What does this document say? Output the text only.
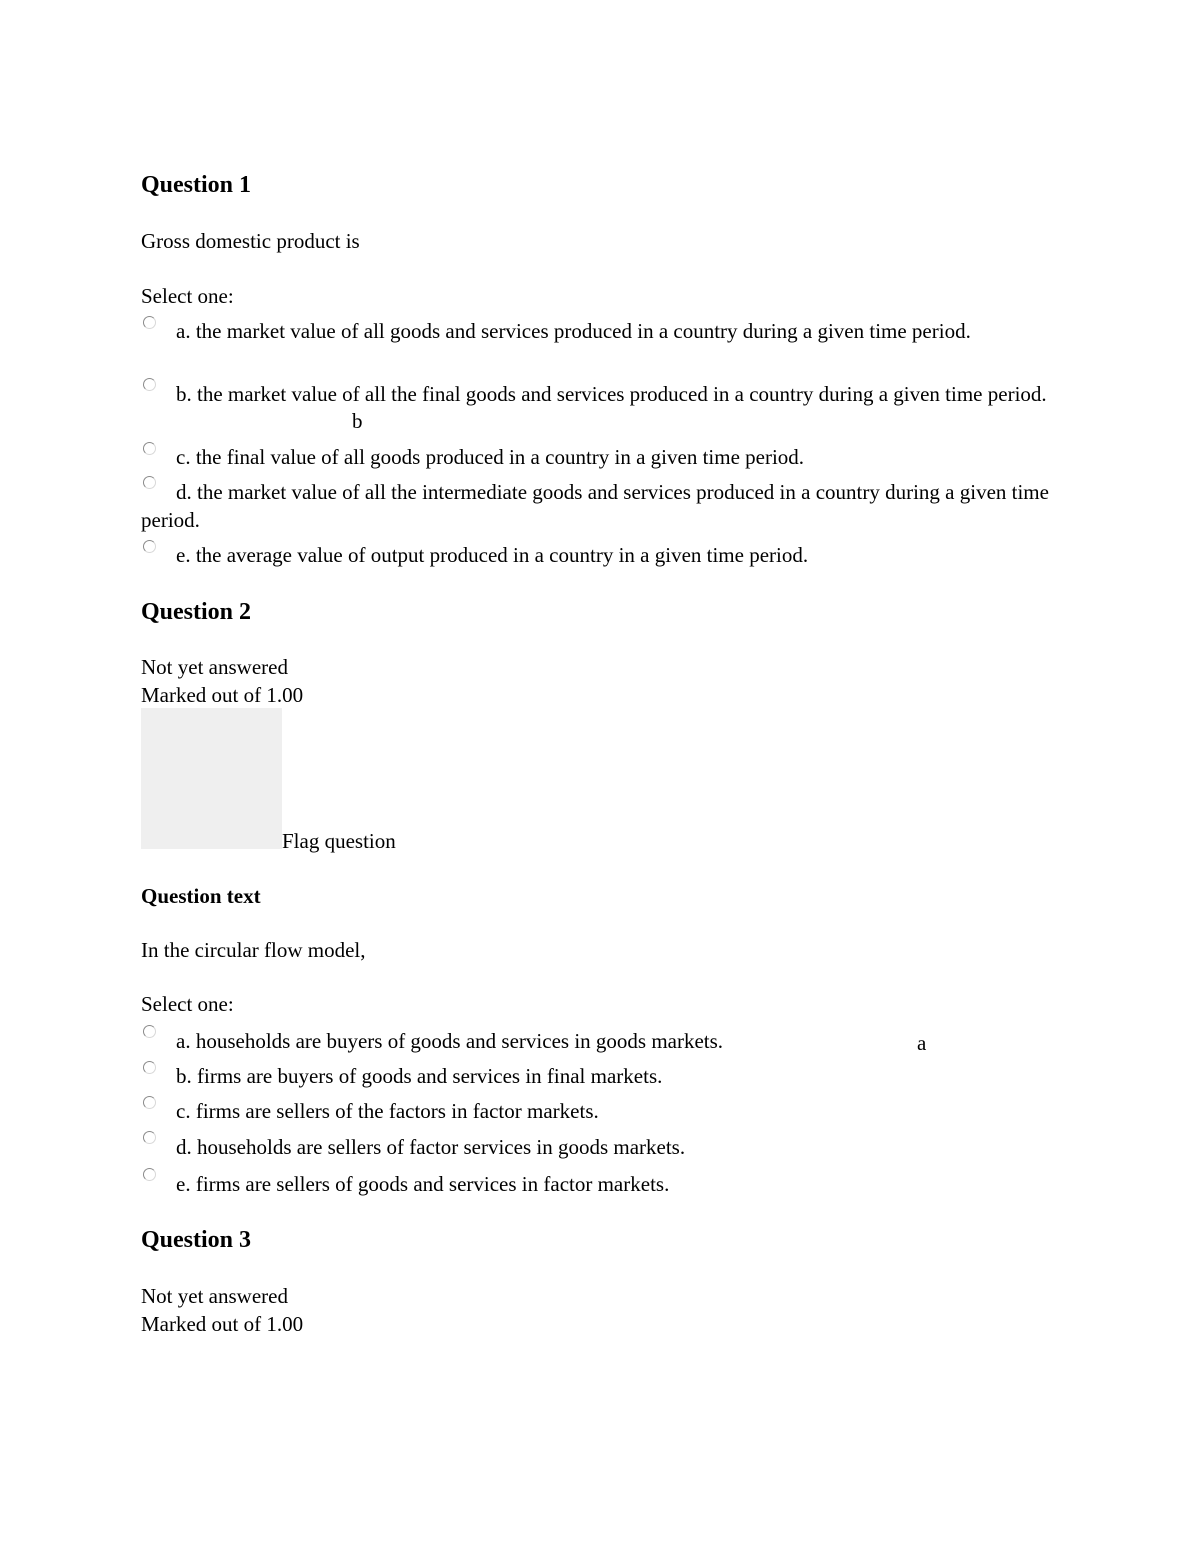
Question 1
Gross domestic product is
Select one:
a. the market value of all goods and services produced in a country during a given time period.
b. the market value of all the final goods and services produced in a country during a given time period.
c. the final value of all goods produced in a country in a given time period.
d. the market value of all the intermediate goods and services produced in a country during a given time period.
e. the average value of output produced in a country in a given time period.
b
Question 2
Not yet answered
Marked out of 1.00
Flag question
Question text
In the circular flow model,
Select one:
a. households are buyers of goods and services in goods markets.
b. firms are buyers of goods and services in final markets.
c. firms are sellers of the factors in factor markets.
d. households are sellers of factor services in goods markets.
e. firms are sellers of goods and services in factor markets.
a
Question 3
Not yet answered
Marked out of 1.00
